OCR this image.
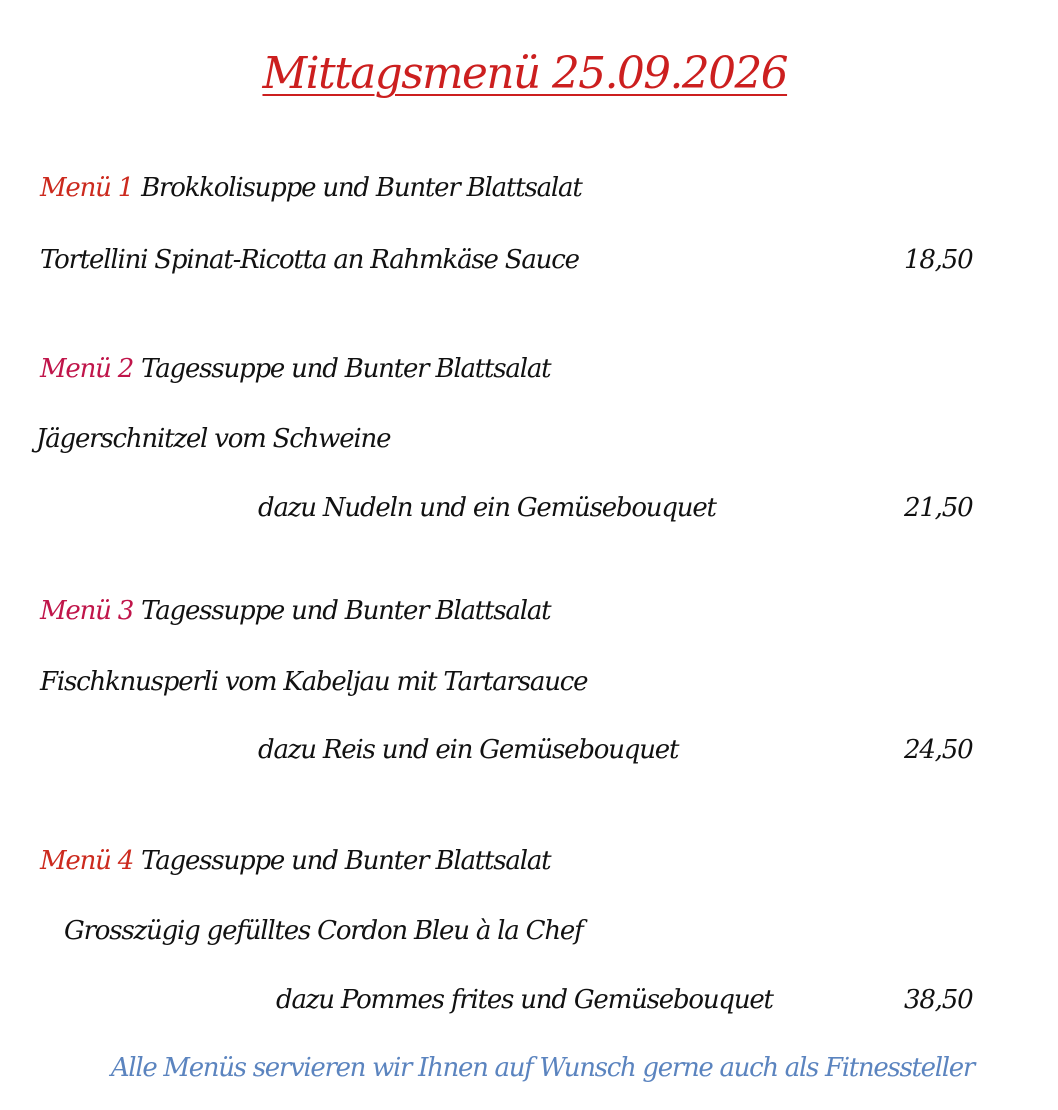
Mittagsmenü 25.09.2026
Menü 1 Brokkolisuppe und Bunter Blattsalat
Tortellini Spinat-Ricotta an Rahmkäse Sauce	18,50
Menü 2 Tagessuppe und Bunter Blattsalat
Jägerschnitzel vom Schweine
dazu Nudeln und ein Gemüsebouquet	21,50
Menü 3 Tagessuppe und Bunter Blattsalat
Fischknusperli vom Kabeljau mit Tartarsauce
dazu Reis und ein Gemüsebouquet	24,50
Menü 4 Tagessuppe und Bunter Blattsalat
Grosszügig gefülltes Cordon Bleu à la Chef
dazu Pommes frites und Gemüsebouquet	38,50
Alle Menüs servieren wir Ihnen auf Wunsch gerne auch als Fitnessteller
